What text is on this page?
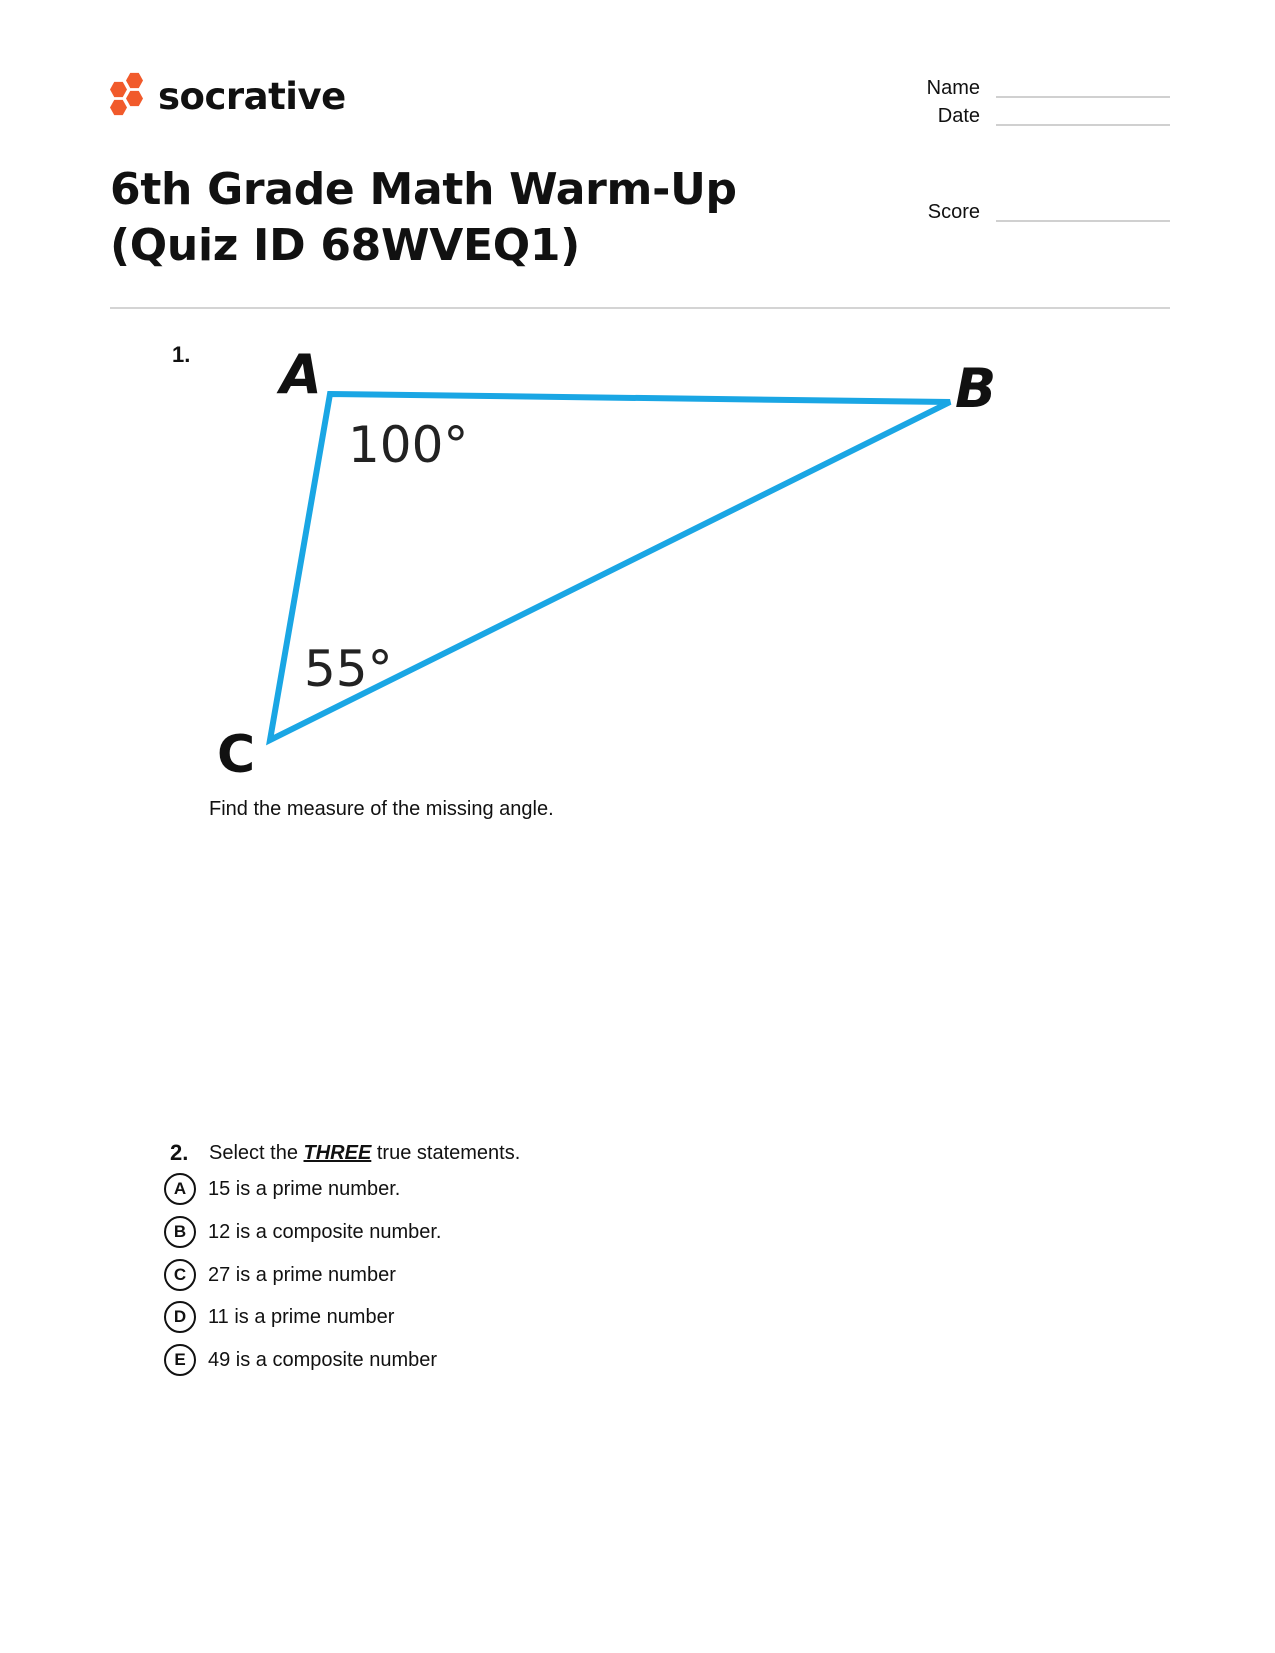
socrative
6th Grade Math Warm-Up (Quiz ID 68WVEQ1)
Name
Date
Score
1. A	B
C
100°
55°
Find the measure of the missing angle.
2. Select the THREE true statements.
A	15 is a prime number.
B	12 is a composite number.
C	27 is a prime number
D	11 is a prime number
E	49 is a composite number
